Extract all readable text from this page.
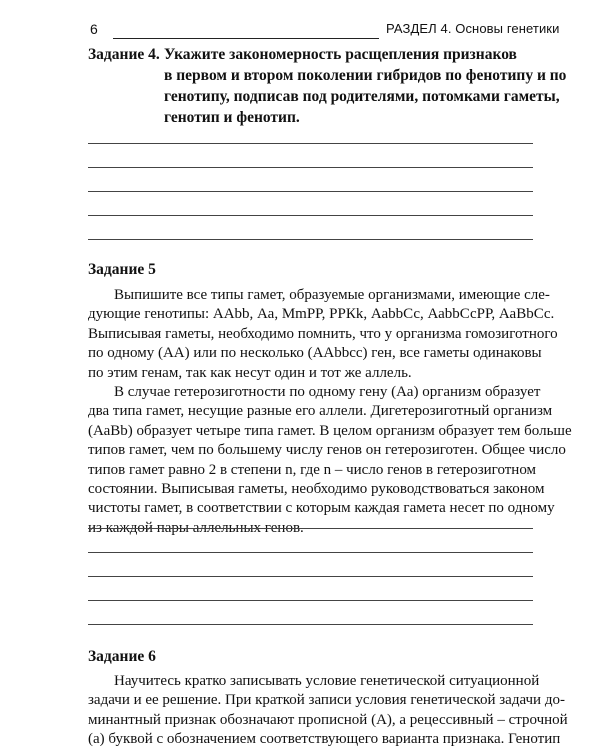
6	РАЗДЕЛ 4. Основы генетики
Задание 4. Укажите закономерность расщепления признаков
в первом и втором поколении гибридов по фенотипу и по
генотипу, подписав под родителями, потомками гаметы,
генотип и фенотип.
Задание 5
Выпишите все типы гамет, образуемые организмами, имеющие сле-
дующие генотипы: ААbb, Аа, МmРР, РРКk, АаbbСс, АаbbСсРР, АаВbСс.
Выписывая гаметы, необходимо помнить, что у организма гомозиготного
по одному (АА) или по несколько (ААbbcc) ген, все гаметы одинаковы
по этим генам, так как несут один и тот же аллель.
В случае гетерозиготности по одному гену (Аа) организм образует
два типа гамет, несущие разные его аллели. Дигетерозиготный организм
(АаВb) образует четыре типа гамет. В целом организм образует тем больше
типов гамет, чем по большему числу генов он гетерозиготен. Общее число
типов гамет равно 2 в степени n, где n – число генов в гетерозиготном
состоянии. Выписывая гаметы, необходимо руководствоваться законом
чистоты гамет, в соответствии с которым каждая гамета несет по одному
из каждой пары аллельных генов.
Задание 6
Научитесь кратко записывать условие генетической ситуационной
задачи и ее решение. При краткой записи условия генетической задачи до-
минантный признак обозначают прописной (А), а рецессивный – строчной
(а) буквой с обозначением соответствующего варианта признака. Генотип
